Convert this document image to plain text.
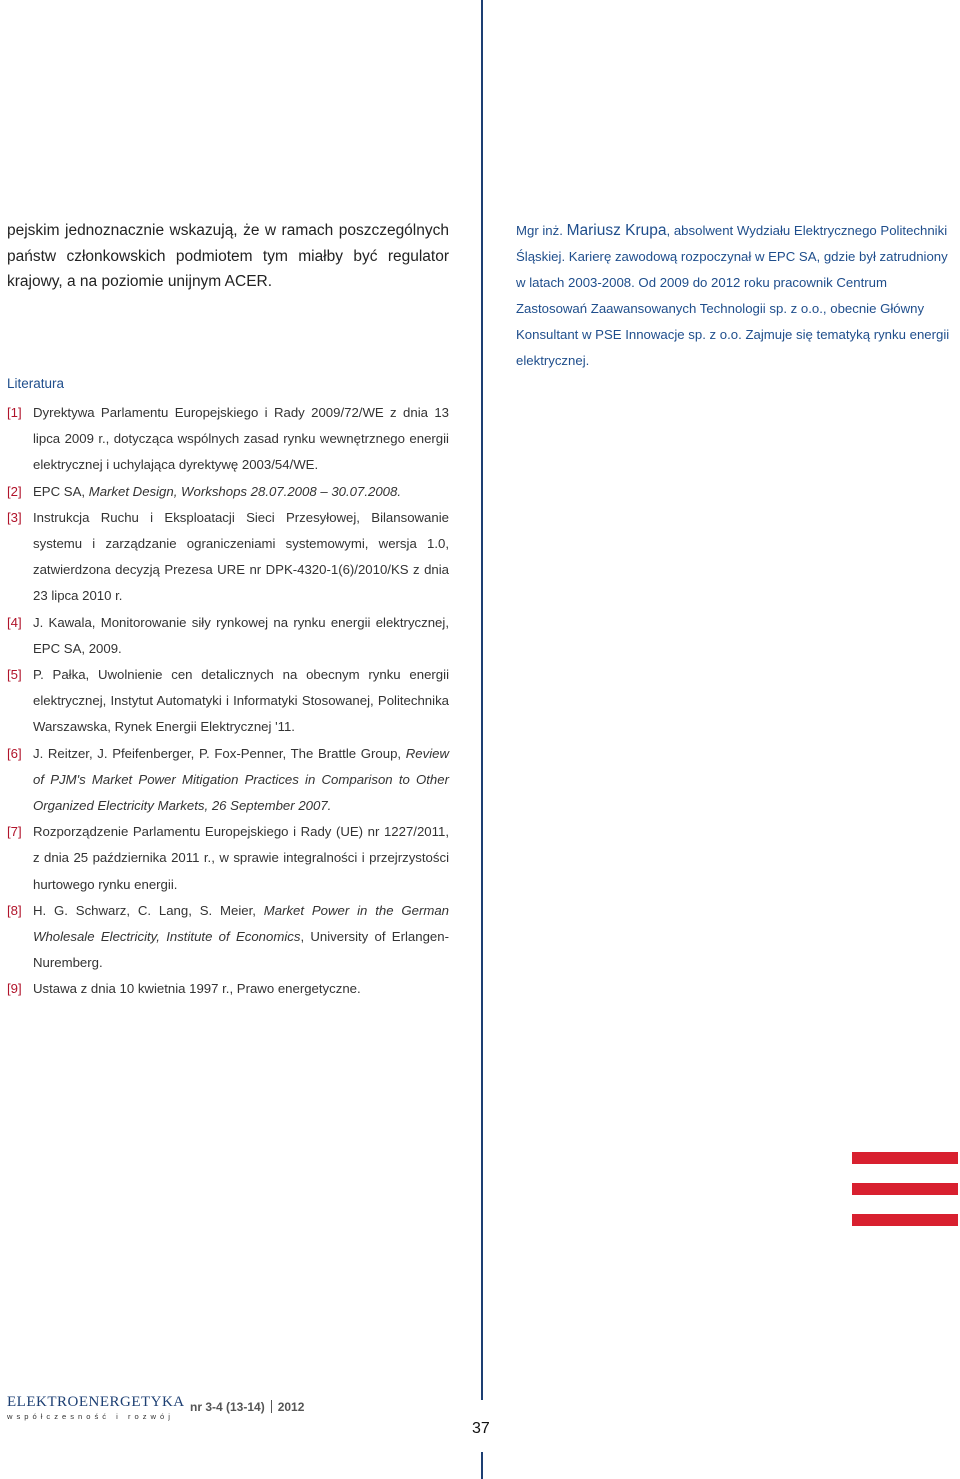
pejskim jednoznacznie wskazują, że w ramach poszczególnych państw członkowskich podmiotem tym miałby być regulator krajowy, a na poziomie unijnym ACER.

Mgr inż. Mariusz Krupa, absolwent Wydziału Elektrycznego Politechniki Śląskiej. Karierę zawodową rozpoczynał w EPC SA, gdzie był zatrudniony w latach 2003-2008. Od 2009 do 2012 roku pracownik Centrum Zastosowań Zaawansowanych Technologii sp. z o.o., obecnie Główny Konsultant w PSE Innowacje sp. z o.o. Zajmuje się tematyką rynku energii elektrycznej.

Literatura
[1] Dyrektywa Parlamentu Europejskiego i Rady 2009/72/WE z dnia 13 lipca 2009 r., dotycząca wspólnych zasad rynku wewnętrznego energii elektrycznej i uchylająca dyrektywę 2003/54/WE.
[2] EPC SA, Market Design, Workshops 28.07.2008 – 30.07.2008.
[3] Instrukcja Ruchu i Eksploatacji Sieci Przesyłowej, Bilansowanie systemu i zarządzanie ograniczeniami systemowymi, wersja 1.0, zatwierdzona decyzją Prezesa URE nr DPK-4320-1(6)/2010/KS z dnia 23 lipca 2010 r.
[4] J. Kawala, Monitorowanie siły rynkowej na rynku energii elektrycznej, EPC SA, 2009.
[5] P. Pałka, Uwolnienie cen detalicznych na obecnym rynku energii elektrycznej, Instytut Automatyki i Informatyki Stosowanej, Politechnika Warszawska, Rynek Energii Elektrycznej '11.
[6] J. Reitzer, J. Pfeifenberger, P. Fox-Penner, The Brattle Group, Review of PJM's Market Power Mitigation Practices in Comparison to Other Organized Electricity Markets, 26 September 2007.
[7] Rozporządzenie Parlamentu Europejskiego i Rady (UE) nr 1227/2011, z dnia 25 października 2011 r., w sprawie integralności i przejrzystości hurtowego rynku energii.
[8] H. G. Schwarz, C. Lang, S. Meier, Market Power in the German Wholesale Electricity, Institute of Economics, University of Erlangen-Nuremberg.
[9] Ustawa z dnia 10 kwietnia 1997 r., Prawo energetyczne.
ELEKTROENERGETYKA
współczesność i rozwój
nr 3-4 (13-14) 2012
37
